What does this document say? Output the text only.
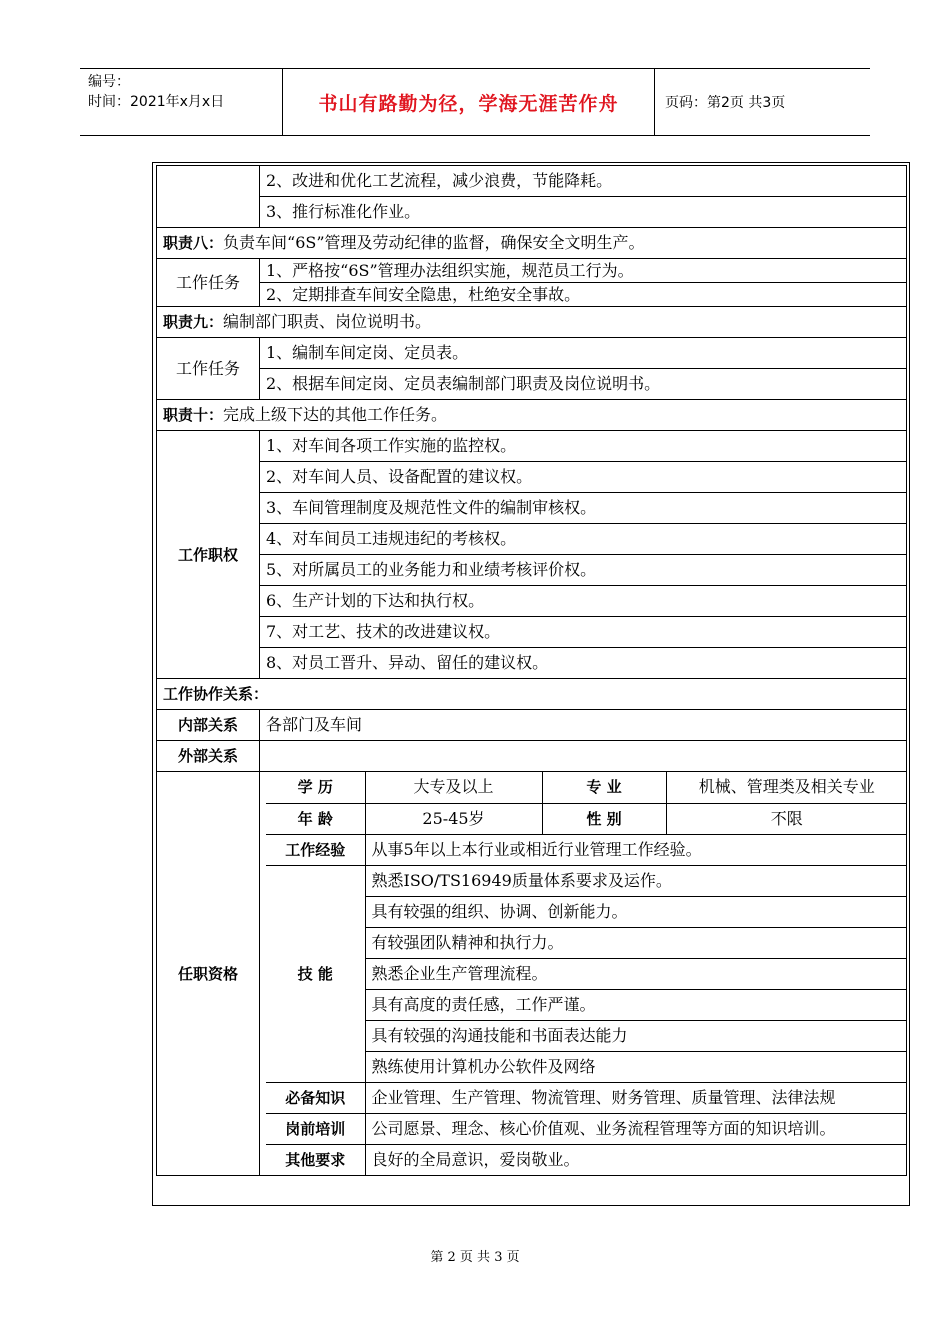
编号：
时间：2021年x月x日	书山有路勤为径，学海无涯苦作舟	页码：第2页 共3页
	2、改进和优化工艺流程，减少浪费，节能降耗。
3、推行标准化作业。
职责八：负责车间“6S”管理及劳动纪律的监督，确保安全文明生产。
工作任务	1、严格按“6S”管理办法组织实施，规范员工行为。
2、定期排查车间安全隐患，杜绝安全事故。
职责九：编制部门职责、岗位说明书。
工作任务	1、编制车间定岗、定员表。
2、根据车间定岗、定员表编制部门职责及岗位说明书。
职责十：完成上级下达的其他工作任务。
工作职权	1、对车间各项工作实施的监控权。
2、对车间人员、设备配置的建议权。
3、车间管理制度及规范性文件的编制审核权。
4、对车间员工违规违纪的考核权。
5、对所属员工的业务能力和业绩考核评价权。
6、生产计划的下达和执行权。
7、对工艺、技术的改进建议权。
8、对员工晋升、异动、留任的建议权。
工作协作关系：
内部关系	各部门及车间
外部关系	
任职资格	
学 历	大专及以上	专 业	机械、管理类及相关专业
年 龄	25-45岁	性 别	不限
工作经验	从事5年以上本行业或相近行业管理工作经验。
技 能	熟悉ISO/TS16949质量体系要求及运作。
具有较强的组织、协调、创新能力。
有较强团队精神和执行力。
熟悉企业生产管理流程。
具有高度的责任感，工作严谨。
具有较强的沟通技能和书面表达能力
熟练使用计算机办公软件及网络
必备知识	企业管理、生产管理、物流管理、财务管理、质量管理、法律法规
岗前培训	公司愿景、理念、核心价值观、业务流程管理等方面的知识培训。
其他要求	良好的全局意识，爱岗敬业。
第 2 页 共 3 页
